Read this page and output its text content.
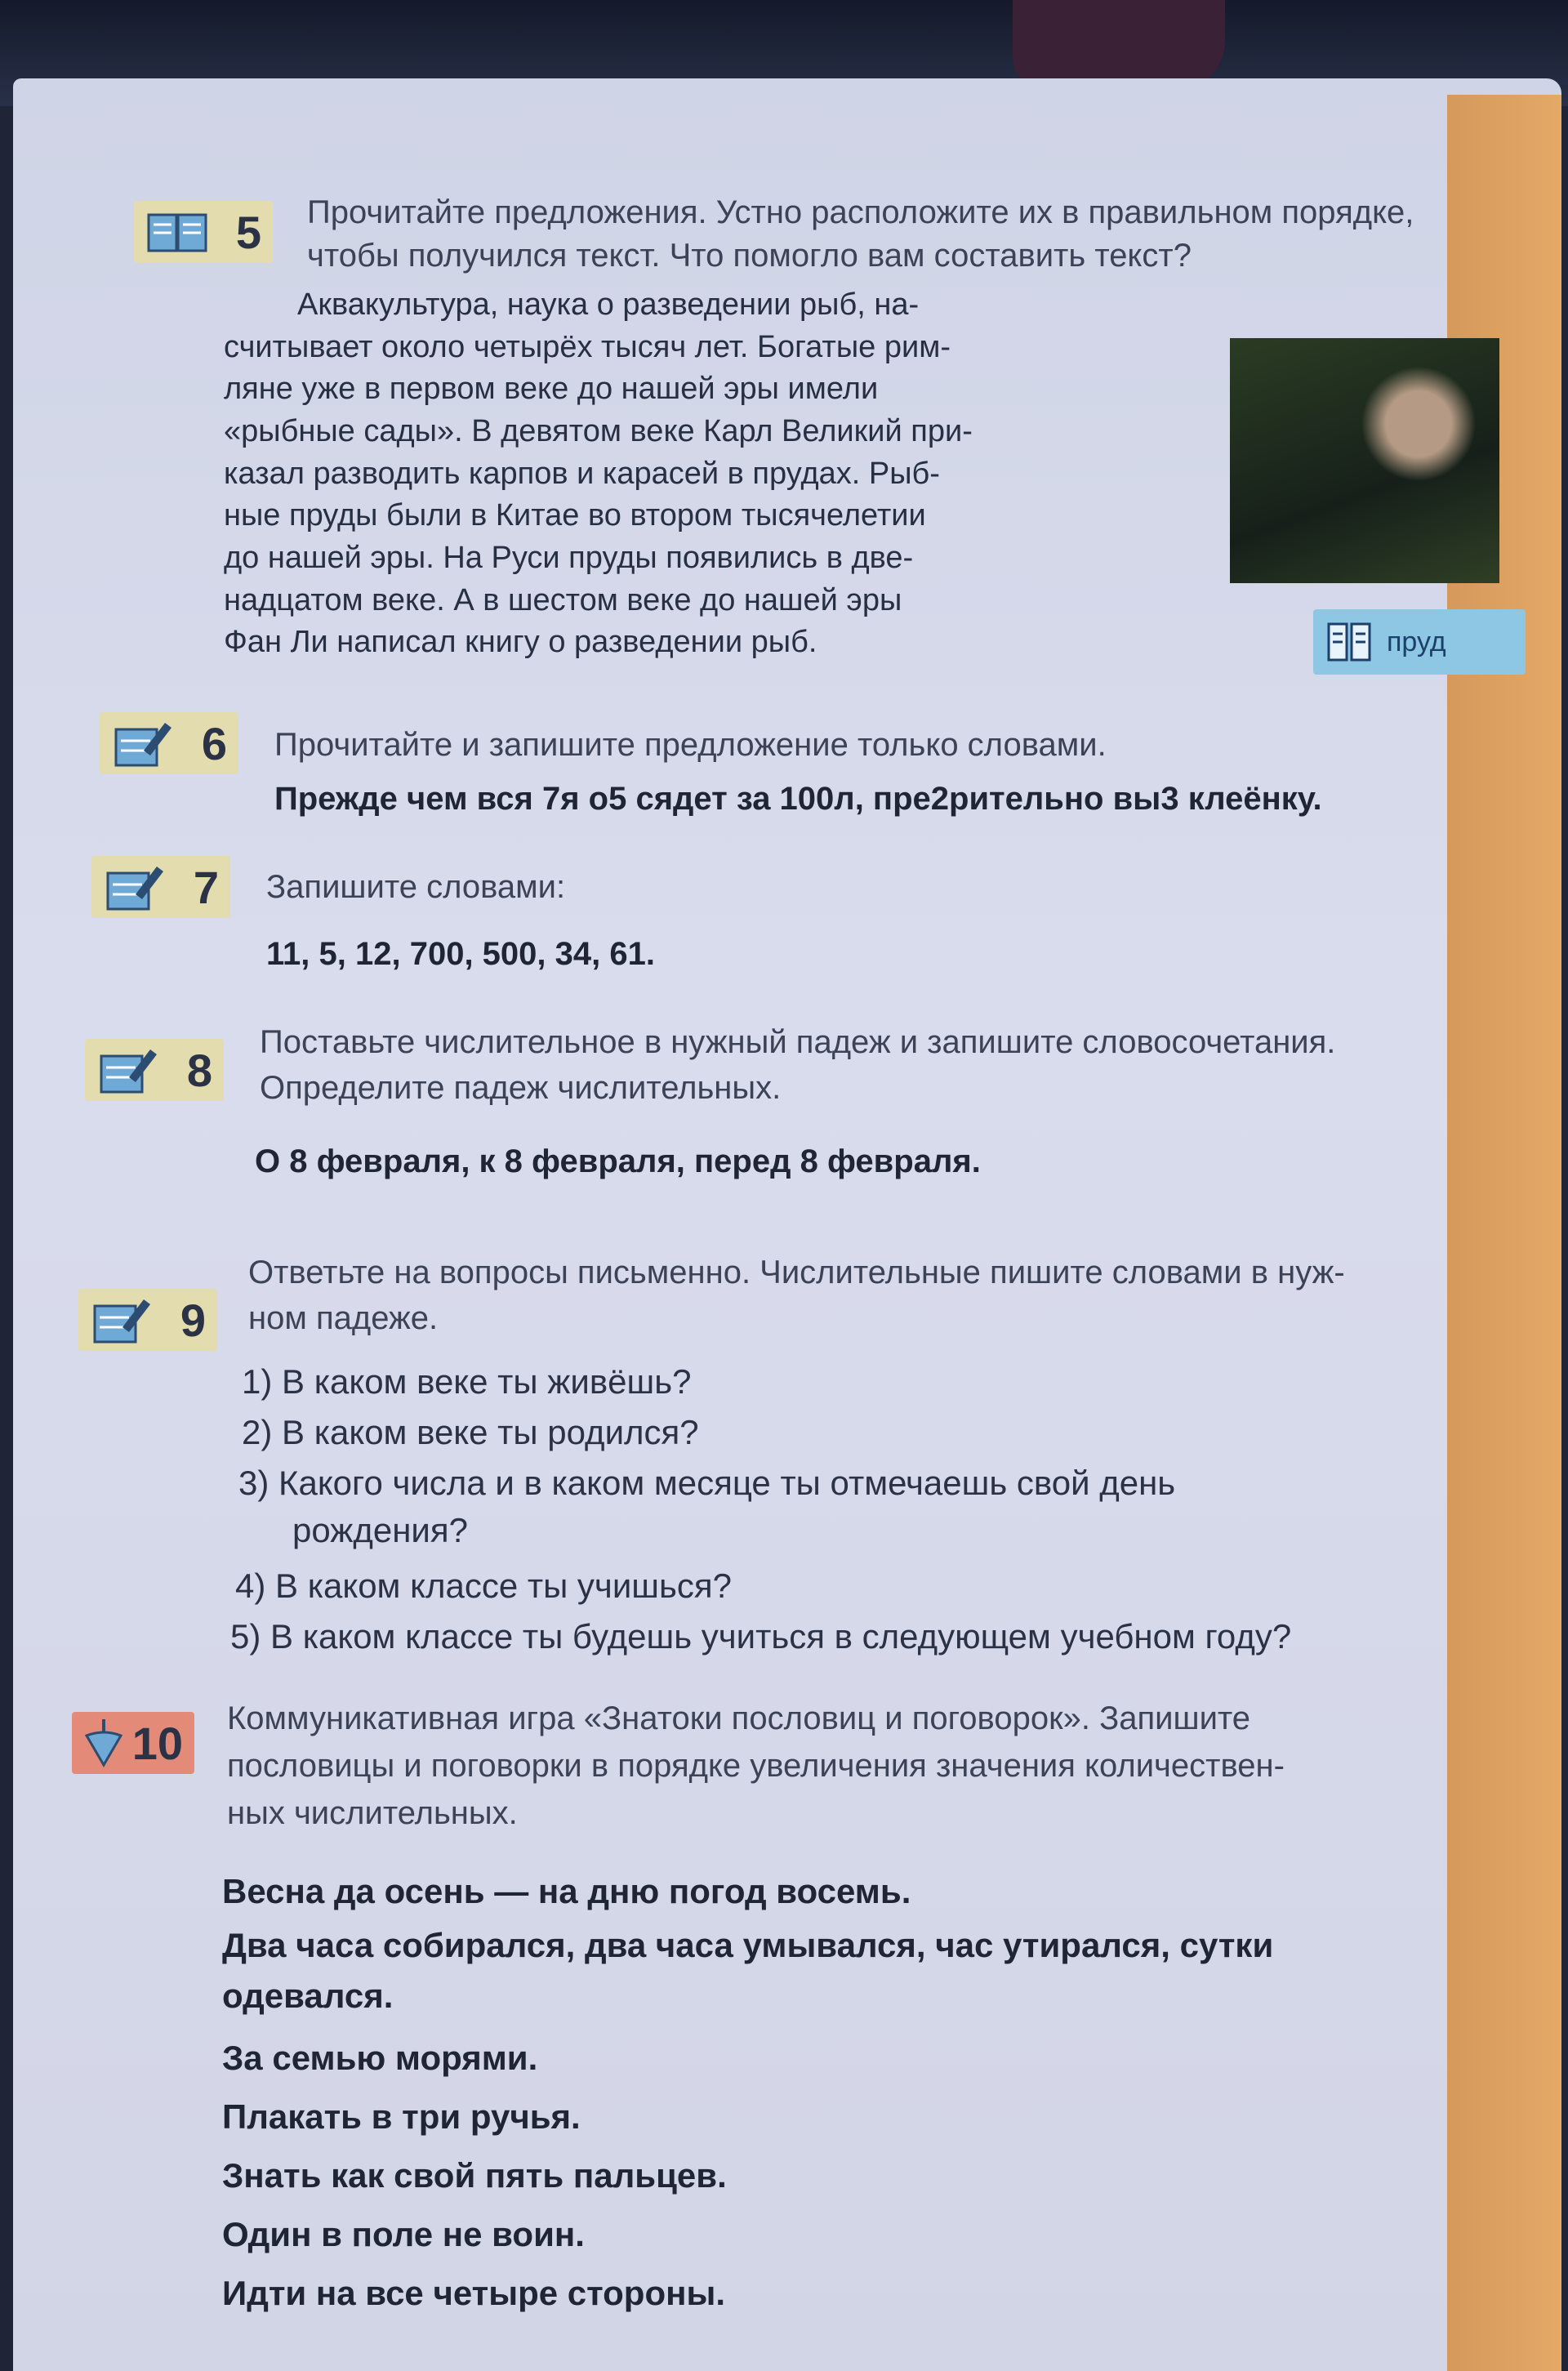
5 Прочитайте предложения. Устно расположите их в правильном порядке, чтобы получился текст. Что помогло вам составить текст?

Аквакультура, наука о разведении рыб, на-

считывает около четырёх тысяч лет. Богатые рим-

ляне уже в первом веке до нашей эры имели

«рыбные сады». В девятом веке Карл Великий при-

казал разводить карпов и карасей в прудах. Рыб-

ные пруды были в Китае во втором тысячелетии

до нашей эры. На Руси пруды появились в две-

надцатом веке. А в шестом веке до нашей эры

Фан Ли написал книгу о разведении рыб.	пруд
6 Прочитайте и запишите предложение только словами.
Прежде чем вся 7я о5 сядет за 100л, пре2рительно вы3 клеёнку.
7 Запишите словами:
11, 5, 12, 700, 500, 34, 61.
8
Поставьте числительное в нужный падеж и запишите словосочетания.
Определите падеж числительных.
О 8 февраля, к 8 февраля, перед 8 февраля.
9
Ответьте на вопросы письменно. Числительные пишите словами в нуж-
ном падеже.
1) В каком веке ты живёшь?
2) В каком веке ты родился?
3) Какого числа и в каком месяце ты отмечаешь свой день
рождения?
4) В каком классе ты учишься?
5) В каком классе ты будешь учиться в следующем учебном году?
10 Коммуникативная игра «Знатоки пословиц и поговорок». Запишите
пословицы и поговорки в порядке увеличения значения количествен-
ных числительных.
Весна да осень — на дню погод восемь.
Два часа собирался, два часа умывался, час утирался, сутки
одевался.
За семью морями.
Плакать в три ручья.
Знать как свой пять пальцев.
Один в поле не воин.
Идти на все четыре стороны.
